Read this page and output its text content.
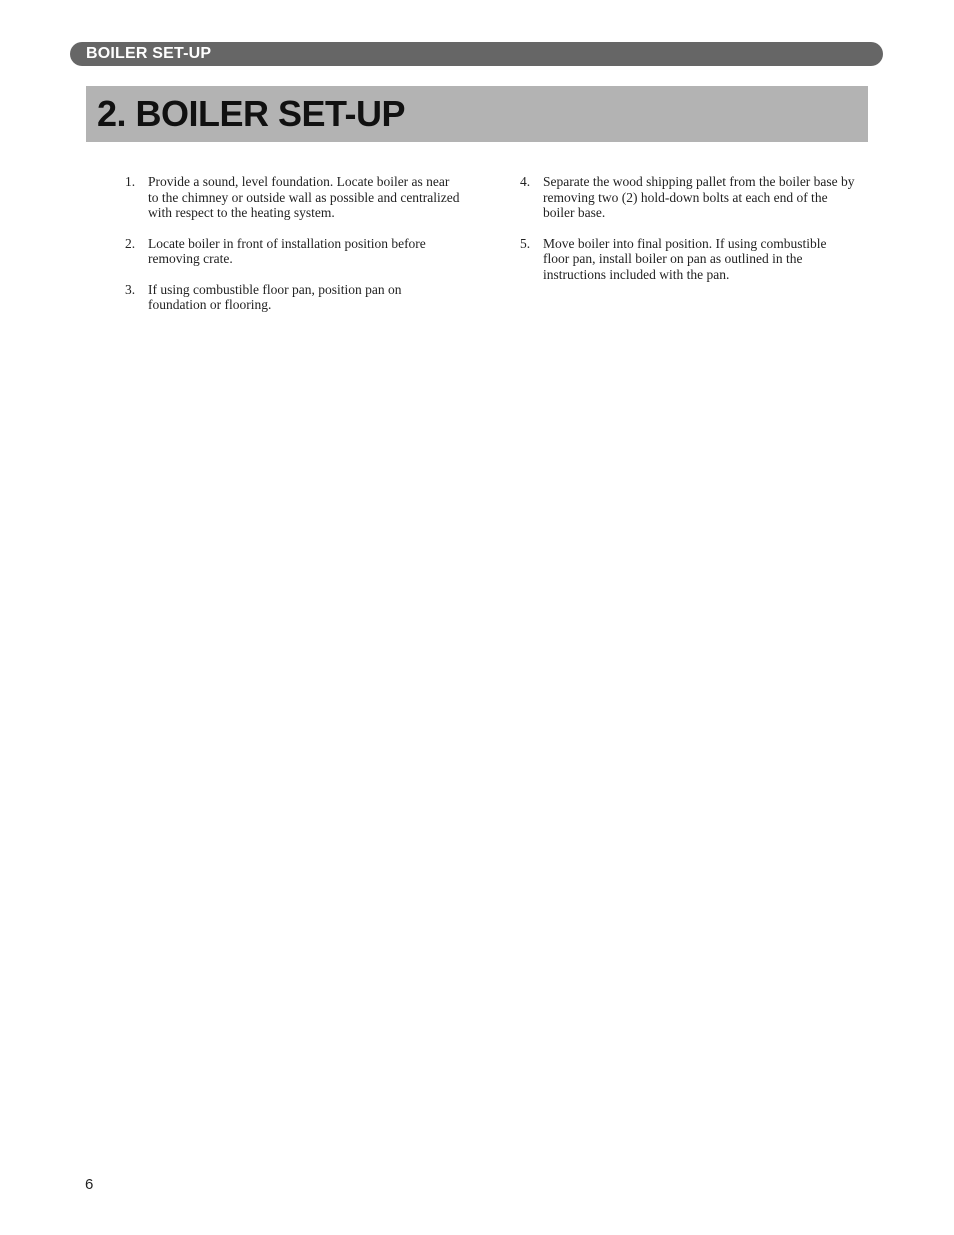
BOILER SET-UP
2. BOILER SET-UP
1. Provide a sound, level foundation. Locate boiler as near to the chimney or outside wall as possible and centralized with respect to the heating system.
2. Locate boiler in front of installation position before removing crate.
3. If using combustible floor pan, position pan on foundation or flooring.
4. Separate the wood shipping pallet from the boiler base by removing two (2) hold-down bolts at each end of the boiler base.
5. Move boiler into final position. If using combustible floor pan, install boiler on pan as outlined in the instructions included with the pan.
6
